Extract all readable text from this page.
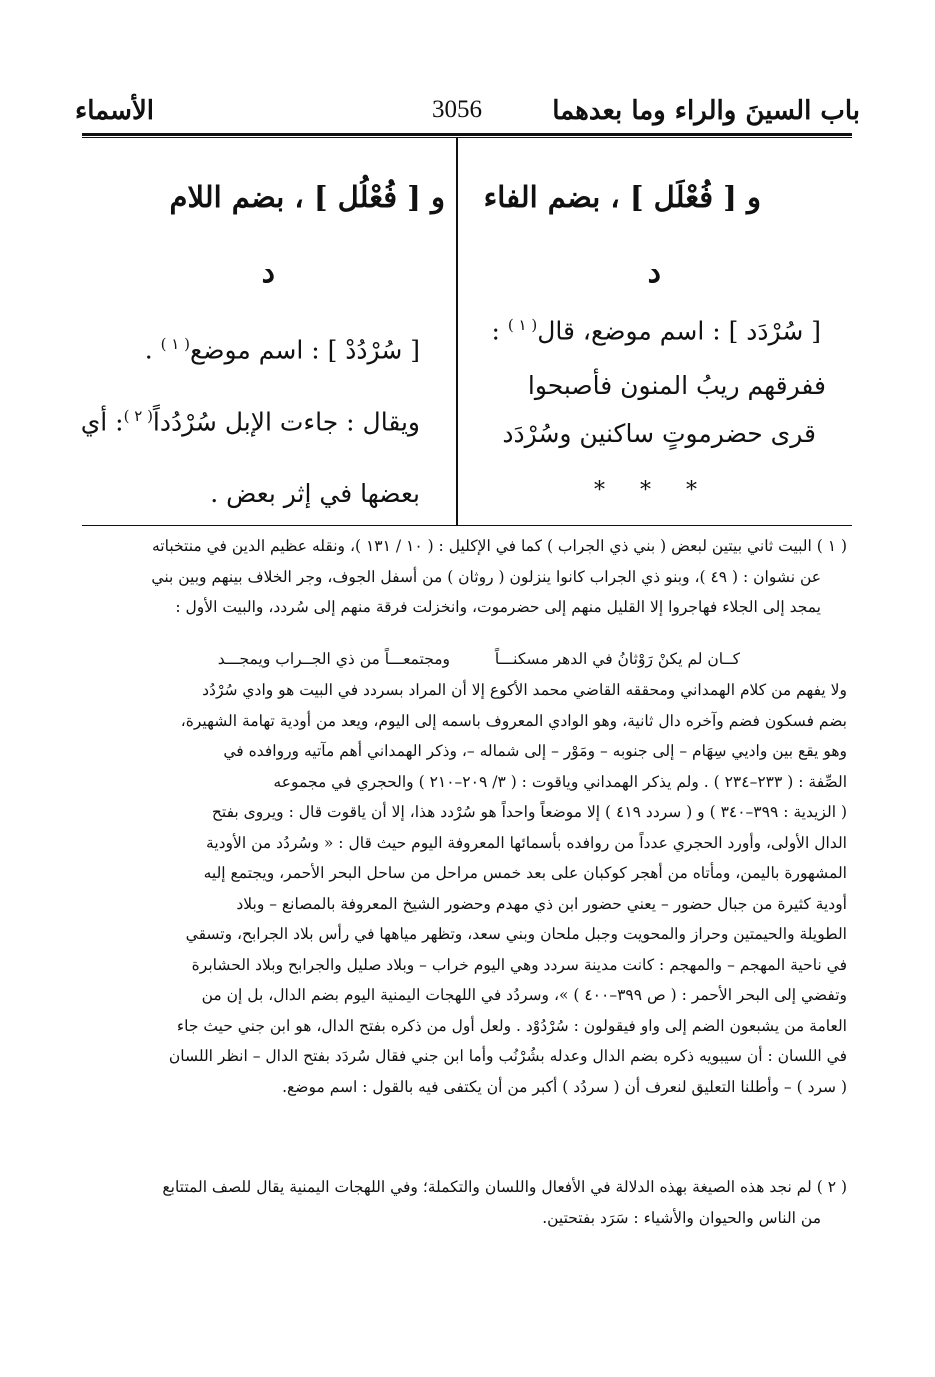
باب السينَ والراء وما بعدهما
3056
الأسماء
و [ فُعْلَل ] ، بضم الفاء
د
[ سُرْدَد ] : اسم موضع، قال$^{( ١ )}$ :
ففرقهم ريبُ المنون فأصبحوا
قرى حضرموتٍ ساكنين وسُرْدَد
* * *
و [ فُعْلُل ] ، بضم اللام
د
[ سُرْدُدْ ] : اسم موضع$^{( ١ )}$ .
ويقال : جاءت الإبل سُرْدُداً$^{( ٢ )}$: أي
بعضها في إثر بعض .

( ١ ) البيت ثاني بيتين لبعض ( بني ذي الجراب ) كما في الإكليل : ( ١٠ / ١٣١ )، ونقله عظيم الدين في منتخباته

عن نشوان : ( ٤٩ )، وبنو ذي الجراب كانوا ينزلون ( روثان ) من أسفل الجوف، وجر الخلاف بينهم وبين بني

يمجد إلى الجلاء فهاجروا إلا القليل منهم إلى حضرموت، وانخزلت فرقة منهم إلى سُردد، والبيت الأول :

كــان لم يكنْ رَوْثانُ في الدهر مسكنـــاً
ومجتمعـــاً من ذي الجــراب ويمجـــد

ولا يفهم من كلام الهمداني ومحققه القاضي محمد الأكوع إلا أن المراد بسردد في البيت هو وادي سُرْدُد

بضم فسكون فضم وآخره دال ثانية، وهو الوادي المعروف باسمه إلى اليوم، ويعد من أودية تهامة الشهيرة،

وهو يقع بين واديي سِهَام – إلى جنوبه – ومَوْر – إلى شماله –، وذكر الهمداني أهم مآتيه وروافده في

الصِّفة : ( ٢٣٣–٢٣٤ ) . ولم يذكر الهمداني وياقوت : ( ٣/ ٢٠٩–٢١٠ ) والحجري في مجموعه

( الزيدية : ٣٩٩–٣٤٠ ) و ( سردد ٤١٩ ) إلا موضعاً واحداً هو سُرْدد هذا، إلا أن ياقوت قال : ويروى بفتح

الدال الأولى، وأورد الحجري عدداً من روافده بأسمائها المعروفة اليوم حيث قال : « وسُردُد من الأودية

المشهورة باليمن، ومأتاه من أهجر كوكبان على بعد خمس مراحل من ساحل البحر الأحمر، ويجتمع إليه

أودية كثيرة من جبال حضور – يعني حضور ابن ذي مهدم وحضور الشيخ المعروفة بالمصانع – وبلاد

الطويلة والحيمتين وحراز والمحويت وجبل ملحان وبني سعد، وتظهر مياهها في رأس بلاد الجرابح، وتسقي

في ناحية المهجم – والمهجم : كانت مدينة سردد وهي اليوم خراب – وبلاد صليل والجرابح وبلاد الحشابرة

وتفضي إلى البحر الأحمر : ( ص ٣٩٩–٤٠٠ ) »، وسردُد في اللهجات اليمنية اليوم بضم الدال، بل إن من

العامة من يشبعون الضم إلى واو فيقولون : سُرْدُوْد . ولعل أول من ذكره بفتح الدال، هو ابن جني حيث جاء

في اللسان : أن سيبويه ذكره بضم الدال وعدله بشُرْنُب وأما ابن جني فقال سُردَد بفتح الدال – انظر اللسان

( سرد ) – وأطلنا التعليق لنعرف أن ( سردُد ) أكبر من أن يكتفى فيه بالقول : اسم موضع.

( ٢ ) لم نجد هذه الصيغة بهذه الدلالة في الأفعال واللسان والتكملة؛ وفي اللهجات اليمنية يقال للصف المتتابع

من الناس والحيوان والأشياء : سَرَد بفتحتين.
